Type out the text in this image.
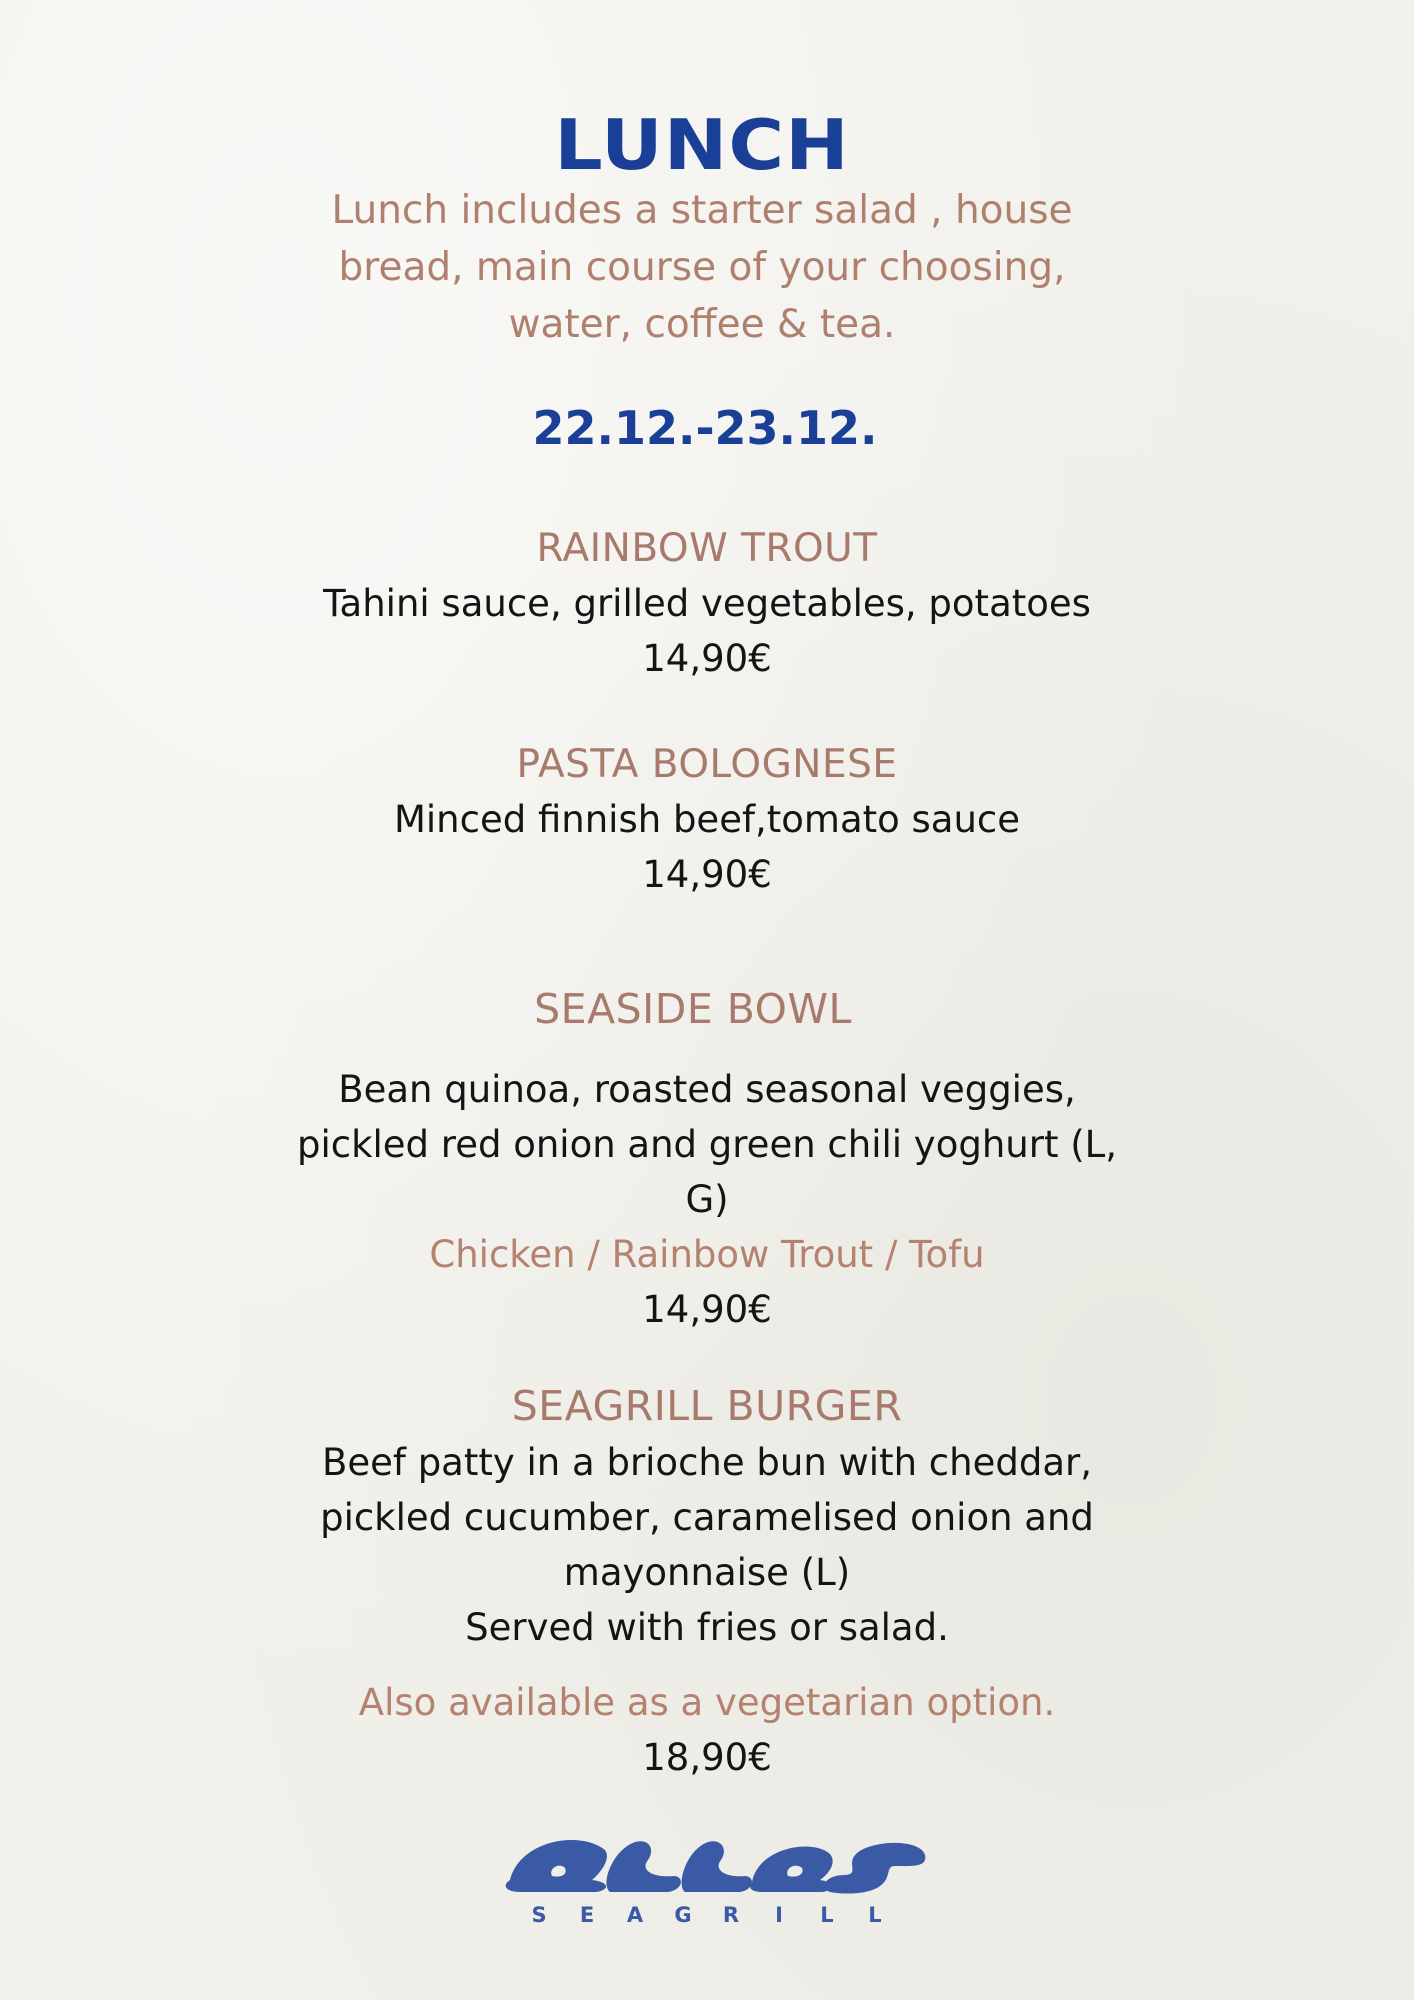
LUNCH
Lunch includes a starter salad , house
bread, main course of your choosing,
water, coffee & tea.
22.12.-23.12.
RAINBOW TROUT
Tahini sauce, grilled vegetables, potatoes
14,90€
PASTA BOLOGNESE
Minced finnish beef,tomato sauce
14,90€
SEASIDE BOWL
Bean quinoa, roasted seasonal veggies,
pickled red onion and green chili yoghurt (L,
G)
Chicken / Rainbow Trout / Tofu
14,90€
SEAGRILL BURGER
Beef patty in a brioche bun with cheddar,
pickled cucumber, caramelised onion and
mayonnaise (L)
Served with fries or salad.
Also available as a vegetarian option.
18,90€
S E A G R I L L
